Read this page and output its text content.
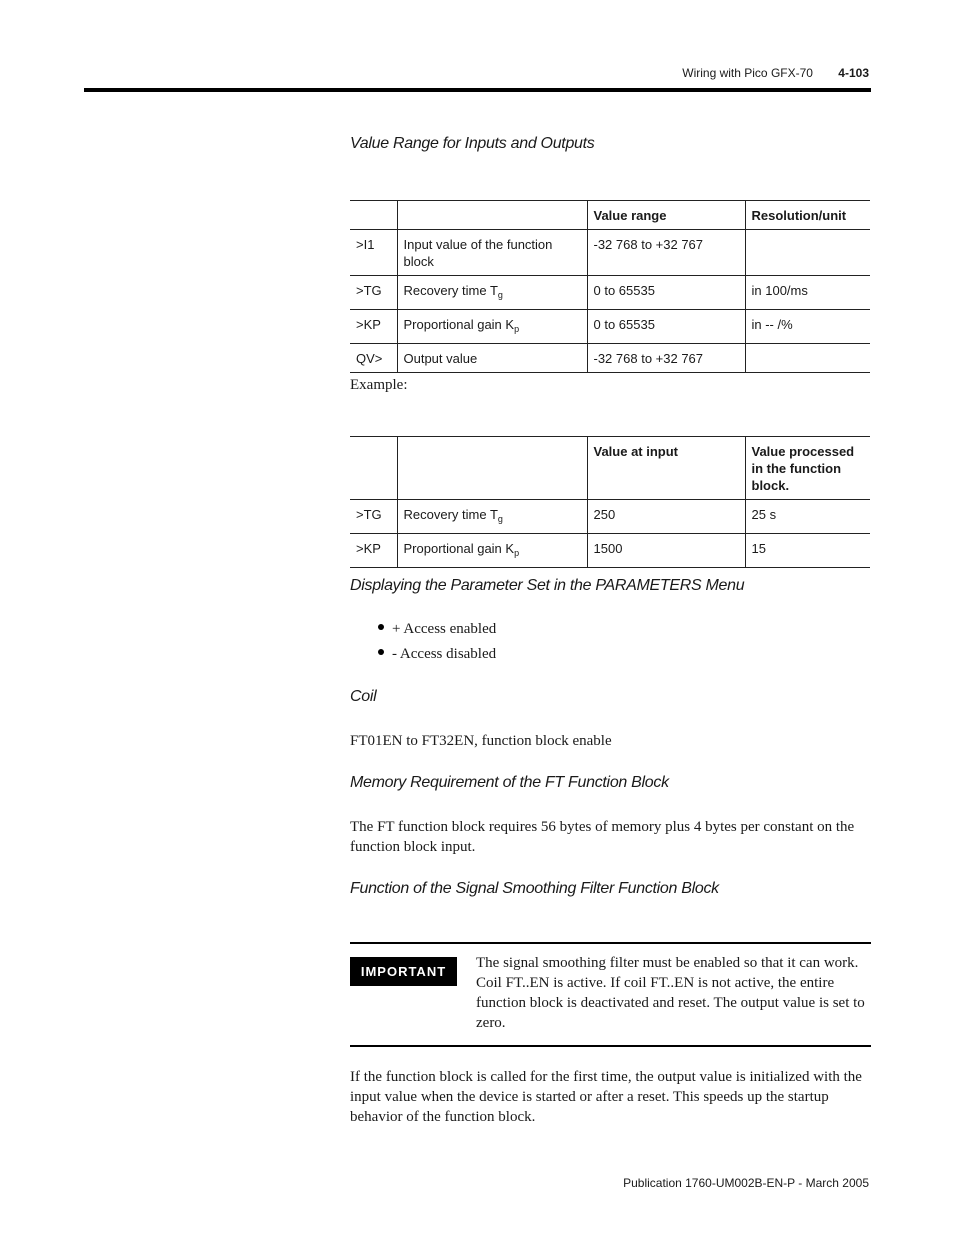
Wiring with Pico GFX-70 4-103
Value Range for Inputs and Outputs
		Value range	Resolution/unit
>I1	Input value of the function block	-32 768 to +32 767	
>TG	Recovery time $T_g$	0 to 65535	in 100/ms
>KP	Proportional gain $K_p$	0 to 65535	in -- /%
QV>	Output value	-32 768 to +32 767	
Example:
		Value at input	Value processed in the function block.
>TG	Recovery time $T_g$	250	25 s
>KP	Proportional gain $K_p$	1500	15
Displaying the Parameter Set in the PARAMETERS Menu
+ Access enabled
- Access disabled
Coil
FT01EN to FT32EN, function block enable
Memory Requirement of the FT Function Block
The FT function block requires 56 bytes of memory plus 4 bytes per constant on the function block input.
Function of the Signal Smoothing Filter Function Block
IMPORTANT
The signal smoothing filter must be enabled so that it can work. Coil FT..EN is active. If coil FT..EN is not active, the entire function block is deactivated and reset. The output value is set to zero.
If the function block is called for the first time, the output value is initialized with the input value when the device is started or after a reset. This speeds up the startup behavior of the function block.
Publication 1760-UM002B-EN-P - March 2005
